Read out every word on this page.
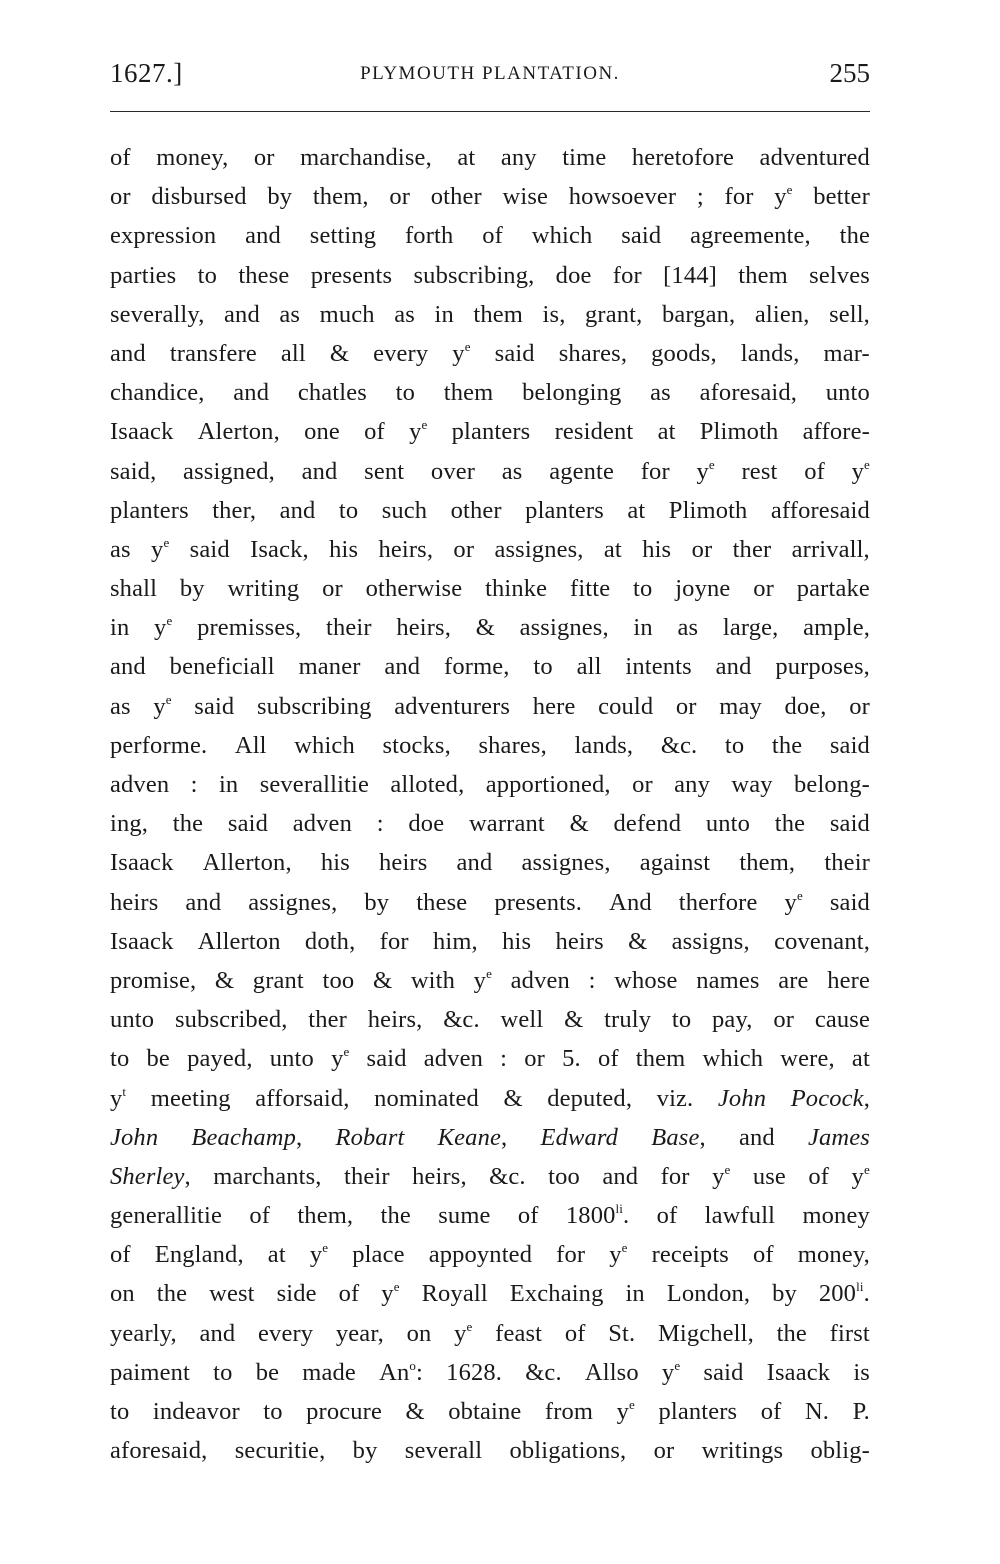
1627.]	PLYMOUTH PLANTATION.	255
of money, or marchandise, at any time heretofore adventured
or disbursed by them, or other wise howsoever ; for $y^e$ better
expression and setting forth of which said agreemente, the
parties to these presents subscribing, doe for [144] them selves
severally, and as much as in them is, grant, bargan, alien, sell,
and transfere all & every $y^e$ said shares, goods, lands, mar-
chandice, and chatles to them belonging as aforesaid, unto
Isaack Alerton, one of $y^e$ planters resident at Plimoth affore-
said, assigned, and sent over as agente for $y^e$ rest of $y^e$
planters ther, and to such other planters at Plimoth afforesaid
as $y^e$ said Isack, his heirs, or assignes, at his or ther arrivall,
shall by writing or otherwise thinke fitte to joyne or partake
in $y^e$ premisses, their heirs, & assignes, in as large, ample,
and beneficiall maner and forme, to all intents and purposes,
as $y^e$ said subscribing adventurers here could or may doe, or
performe. All which stocks, shares, lands, &c. to the said
adven : in severallitie alloted, apportioned, or any way belong-
ing, the said adven : doe warrant & defend unto the said
Isaack Allerton, his heirs and assignes, against them, their
heirs and assignes, by these presents. And therfore $y^e$ said
Isaack Allerton doth, for him, his heirs & assigns, covenant,
promise, & grant too & with $y^e$ adven : whose names are here
unto subscribed, ther heirs, &c. well & truly to pay, or cause
to be payed, unto $y^e$ said adven : or 5. of them which were, at
$y^t$ meeting afforsaid, nominated & deputed, viz. John Pocock,
John Beachamp, Robart Keane, Edward Base, and James
Sherley, marchants, their heirs, &c. too and for $y^e$ use of $y^e$
generallitie of them, the sume of $1800^{li}$. of lawfull money
of England, at $y^e$ place appoynted for $y^e$ receipts of money,
on the west side of $y^e$ Royall Exchaing in London, by $200^{li}$.
yearly, and every year, on $y^e$ feast of St. Migchell, the first
paiment to be made An$^o$: 1628. &c. Allso $y^e$ said Isaack is
to indeavor to procure & obtaine from $y^e$ planters of N. P.
aforesaid, securitie, by severall obligations, or writings oblig-
